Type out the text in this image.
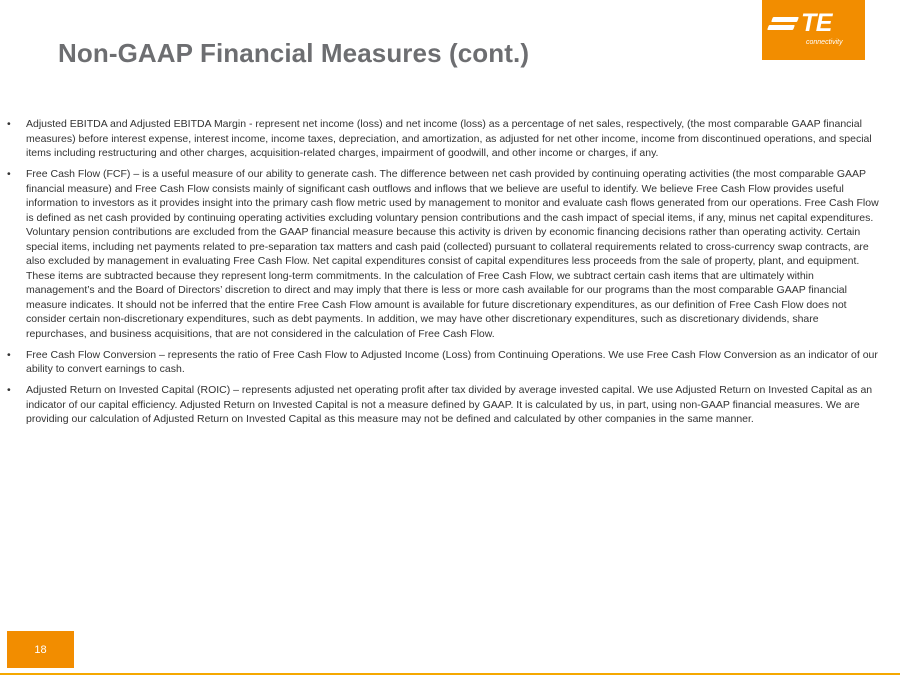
Non-GAAP Financial Measures (cont.)
TE
connectivity
• Adjusted EBITDA and Adjusted EBITDA Margin - represent net income (loss) and net income (loss) as a percentage of net sales, respectively, (the most comparable GAAP financial measures) before interest expense, interest income, income taxes, depreciation, and amortization, as adjusted for net other income, income from discontinued operations, and special items including restructuring and other charges, acquisition-related charges, impairment of goodwill, and other income or charges, if any.
• Free Cash Flow (FCF) – is a useful measure of our ability to generate cash. The difference between net cash provided by continuing operating activities (the most comparable GAAP financial measure) and Free Cash Flow consists mainly of significant cash outflows and inflows that we believe are useful to identify. We believe Free Cash Flow provides useful information to investors as it provides insight into the primary cash flow metric used by management to monitor and evaluate cash flows generated from our operations. Free Cash Flow is defined as net cash provided by continuing operating activities excluding voluntary pension contributions and the cash impact of special items, if any, minus net capital expenditures. Voluntary pension contributions are excluded from the GAAP financial measure because this activity is driven by economic financing decisions rather than operating activity. Certain special items, including net payments related to pre-separation tax matters and cash paid (collected) pursuant to collateral requirements related to cross-currency swap contracts, are also excluded by management in evaluating Free Cash Flow. Net capital expenditures consist of capital expenditures less proceeds from the sale of property, plant, and equipment. These items are subtracted because they represent long-term commitments. In the calculation of Free Cash Flow, we subtract certain cash items that are ultimately within management’s and the Board of Directors’ discretion to direct and may imply that there is less or more cash available for our programs than the most comparable GAAP financial measure indicates. It should not be inferred that the entire Free Cash Flow amount is available for future discretionary expenditures, as our definition of Free Cash Flow does not consider certain non-discretionary expenditures, such as debt payments. In addition, we may have other discretionary expenditures, such as discretionary dividends, share repurchases, and business acquisitions, that are not considered in the calculation of Free Cash Flow.
• Free Cash Flow Conversion – represents the ratio of Free Cash Flow to Adjusted Income (Loss) from Continuing Operations. We use Free Cash Flow Conversion as an indicator of our ability to convert earnings to cash.
• Adjusted Return on Invested Capital (ROIC) – represents adjusted net operating profit after tax divided by average invested capital. We use Adjusted Return on Invested Capital as an indicator of our capital efficiency. Adjusted Return on Invested Capital is not a measure defined by GAAP. It is calculated by us, in part, using non-GAAP financial measures. We are providing our calculation of Adjusted Return on Invested Capital as this measure may not be defined and calculated by other companies in the same manner.
18
